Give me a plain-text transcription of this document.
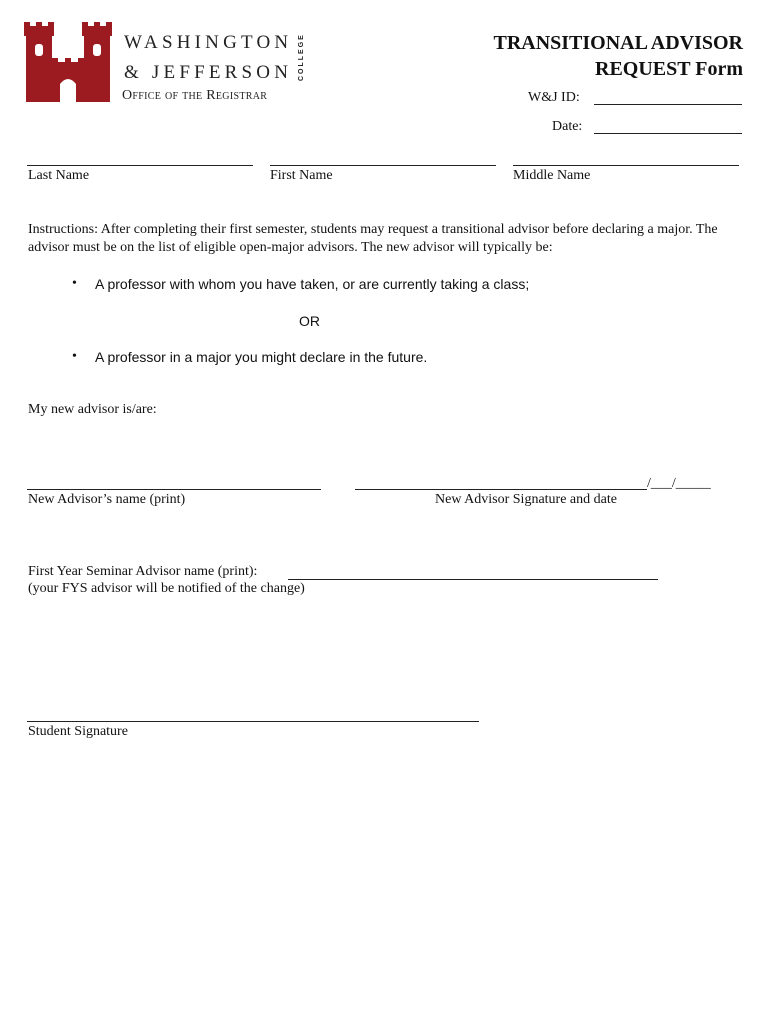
WASHINGTON
& JEFFERSON COLLEGE
Office of the Registrar
TRANSITIONAL ADVISOR
REQUEST Form
W&J ID:
Date:
Last Name	First Name	Middle Name
Instructions: After completing their first semester, students may request a transitional advisor before declaring a major. The advisor must be on the list of eligible open-major advisors. The new advisor will typically be:
• A professor with whom you have taken, or are currently taking a class;
OR
• A professor in a major you might declare in the future.
My new advisor is/are:
/___/_____
New Advisor’s name (print)	New Advisor Signature and date
First Year Seminar Advisor name (print):
(your FYS advisor will be notified of the change)
Student Signature
